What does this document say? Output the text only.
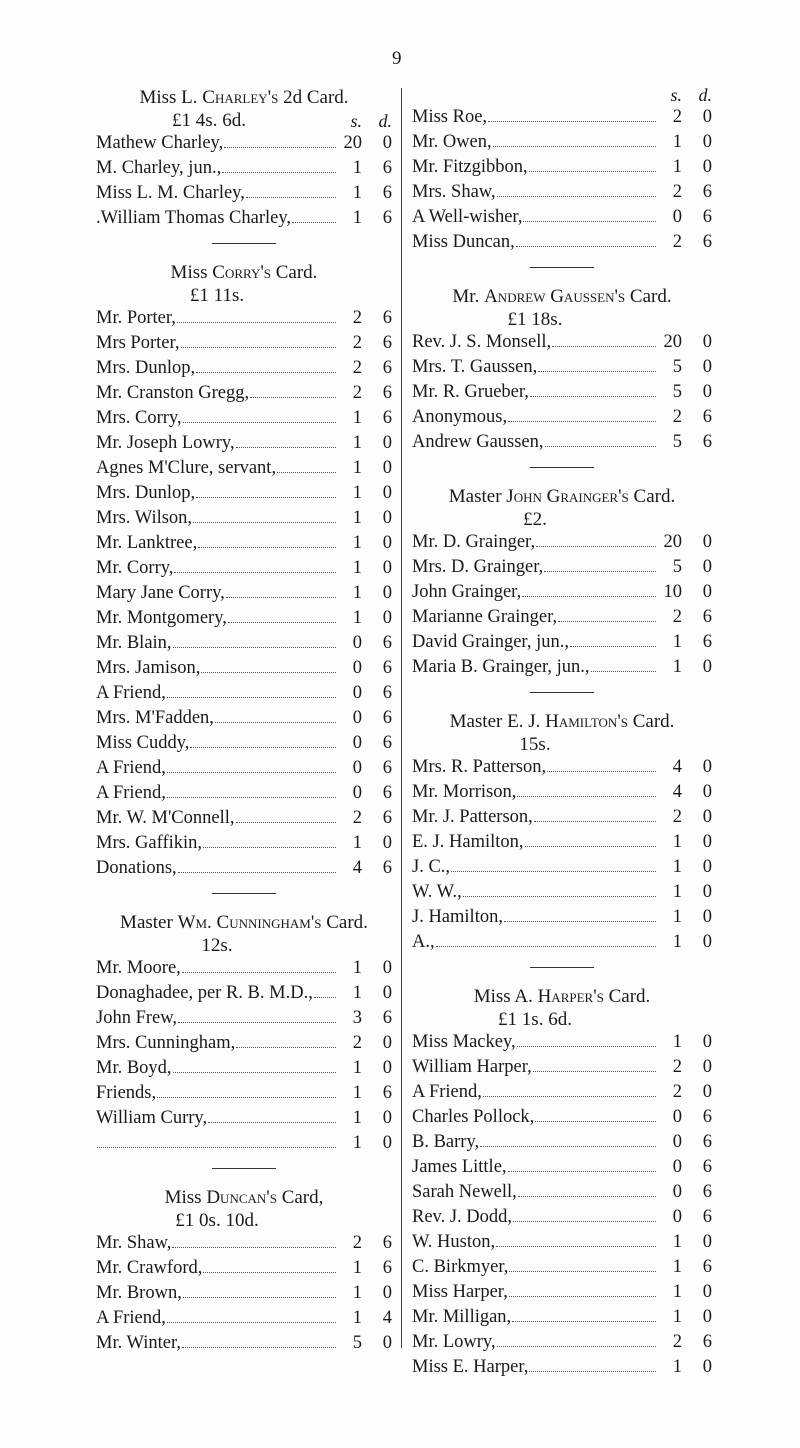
9
Miss L. Charley's 2d Card.
£1 4s. 6d.	s. d.
Mathew Charley,	20	0
M. Charley, jun.,	1	6
Miss L. M. Charley,	1	6
.William Thomas Charley,	1	6
Miss Corry's Card.
£1 11s.
Mr. Porter,	2	6
Mrs Porter,	2	6
Mrs. Dunlop,	2	6
Mr. Cranston Gregg,	2	6
Mrs. Corry,	1	6
Mr. Joseph Lowry,	1	0
Agnes M'Clure, servant,	1	0
Mrs. Dunlop,	1	0
Mrs. Wilson,	1	0
Mr. Lanktree,	1	0
Mr. Corry,	1	0
Mary Jane Corry,	1	0
Mr. Montgomery,	1	0
Mr. Blain,	0	6
Mrs. Jamison,	0	6
A Friend,	0	6
Mrs. M'Fadden,	0	6
Miss Cuddy,	0	6
A Friend,	0	6
A Friend,	0	6
Mr. W. M'Connell,	2	6
Mrs. Gaffikin,	1	0
Donations,	4	6
Master Wm. Cunningham's Card.
12s.
Mr. Moore,	1	0
Donaghadee, per R. B. M.D.,	1	0
John Frew,	3	6
Mrs. Cunningham,	2	0
Mr. Boyd,	1	0
Friends,	1	6
William Curry,	1	0
1	0
Miss Duncan's Card,
£1 0s. 10d.
Mr. Shaw,	2	6
Mr. Crawford,	1	6
Mr. Brown,	1	0
A Friend,	1	4
Mr. Winter,	5	0
s. d.
Miss Roe,	2	0
Mr. Owen,	1	0
Mr. Fitzgibbon,	1	0
Mrs. Shaw,	2	6
A Well-wisher,	0	6
Miss Duncan,	2	6
Mr. Andrew Gaussen's Card.
£1 18s.
Rev. J. S. Monsell,	20	0
Mrs. T. Gaussen,	5	0
Mr. R. Grueber,	5	0
Anonymous,	2	6
Andrew Gaussen,	5	6
Master John Grainger's Card.
£2.
Mr. D. Grainger,	20	0
Mrs. D. Grainger,	5	0
John Grainger,	10	0
Marianne Grainger,	2	6
David Grainger, jun.,	1	6
Maria B. Grainger, jun.,	1	0
Master E. J. Hamilton's Card.
15s.
Mrs. R. Patterson,	4	0
Mr. Morrison,	4	0
Mr. J. Patterson,	2	0
E. J. Hamilton,	1	0
J. C.,	1	0
W. W.,	1	0
J. Hamilton,	1	0
A.,	1	0
Miss A. Harper's Card.
£1 1s. 6d.
Miss Mackey,	1	0
William Harper,	2	0
A Friend,	2	0
Charles Pollock,	0	6
B. Barry,	0	6
James Little,	0	6
Sarah Newell,	0	6
Rev. J. Dodd,	0	6
W. Huston,	1	0
C. Birkmyer,	1	6
Miss Harper,	1	0
Mr. Milligan,	1	0
Mr. Lowry,	2	6
Miss E. Harper,	1	0
